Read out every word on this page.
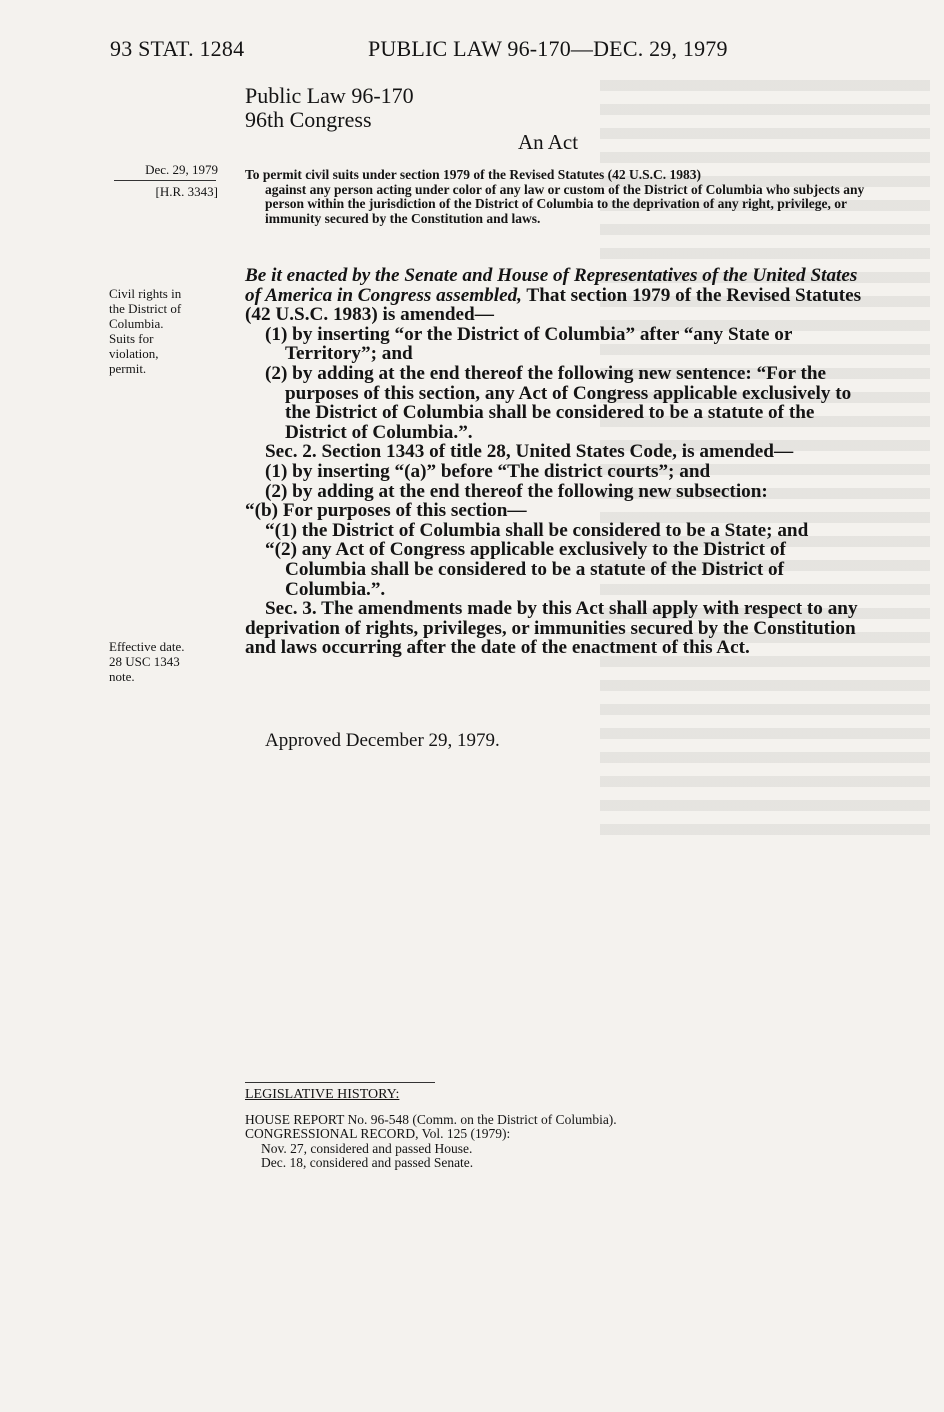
93 STAT. 1284	PUBLIC LAW 96-170—DEC. 29, 1979
Public Law 96-170
96th Congress
An Act
Dec. 29, 1979
[H.R. 3343]
Civil rights in
the District of
Columbia.
Suits for
violation,
permit.
Effective date.
28 USC 1343
note.
To permit civil suits under section 1979 of the Revised Statutes (42 U.S.C. 1983)
against any person acting under color of any law or custom of the District of Columbia who subjects any person within the jurisdiction of the District of Columbia to the deprivation of any right, privilege, or immunity secured by the Constitution and laws.

Be it enacted by the Senate and House of Representatives of the United States of America in Congress assembled, That section 1979 of the Revised Statutes (42 U.S.C. 1983) is amended—

(1) by inserting “or the District of Columbia” after “any State or Territory”; and

(2) by adding at the end thereof the following new sentence: “For the purposes of this section, any Act of Congress applicable exclusively to the District of Columbia shall be considered to be a statute of the District of Columbia.”.

Sec. 2. Section 1343 of title 28, United States Code, is amended—

(1) by inserting “(a)” before “The district courts”; and

(2) by adding at the end thereof the following new subsection:

“(b) For purposes of this section—

“(1) the District of Columbia shall be considered to be a State; and

“(2) any Act of Congress applicable exclusively to the District of Columbia shall be considered to be a statute of the District of Columbia.”.

Sec. 3. The amendments made by this Act shall apply with respect to any deprivation of rights, privileges, or immunities secured by the Constitution and laws occurring after the date of the enactment of this Act.

Approved December 29, 1979.
LEGISLATIVE HISTORY:
HOUSE REPORT No. 96-548 (Comm. on the District of Columbia).
CONGRESSIONAL RECORD, Vol. 125 (1979):
Nov. 27, considered and passed House.
Dec. 18, considered and passed Senate.
